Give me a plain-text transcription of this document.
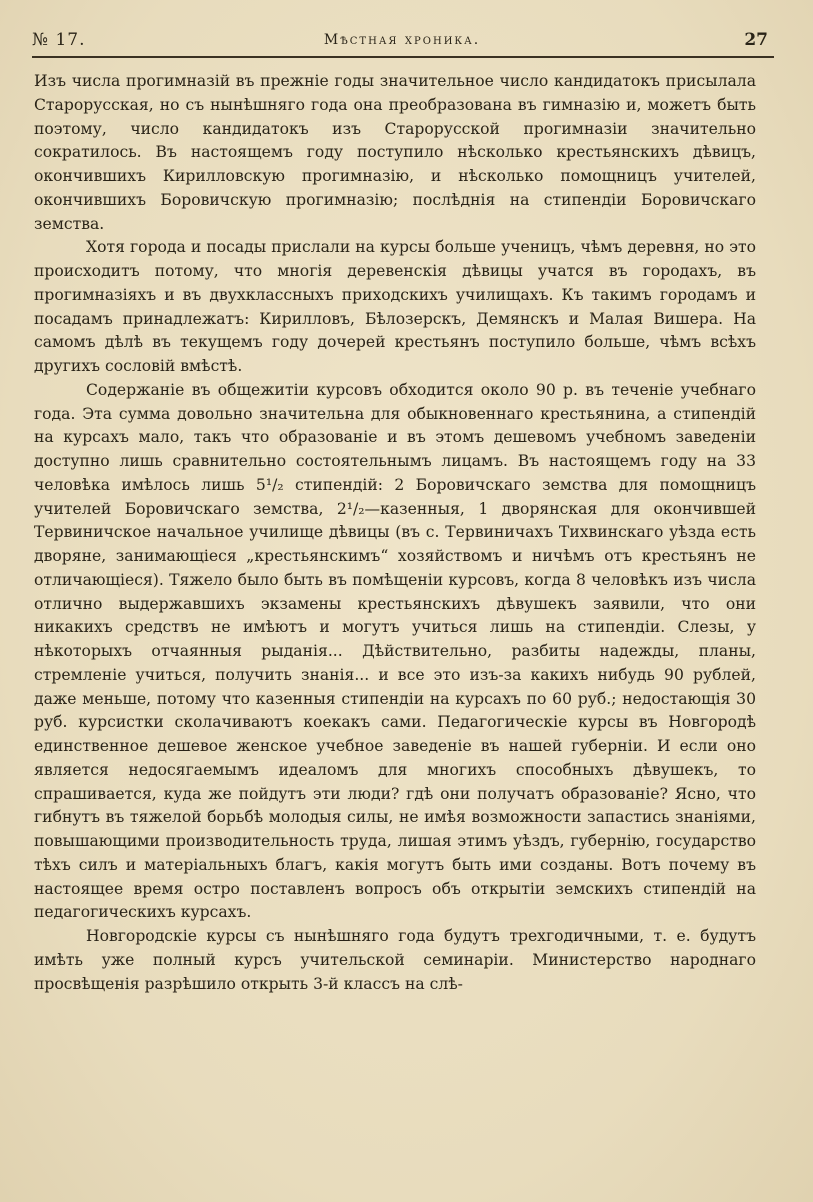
№ 17.	Мѣстная хроника.	27

Изъ числа прогимназій въ прежніе годы значительное число кандидатокъ присылала Старорусская, но съ нынѣшняго года она преобразована въ гимназію и, можетъ быть поэтому, число кандидатокъ изъ Старорусской прогимназіи значительно сократилось. Въ настоящемъ году поступило нѣсколько крестьянскихъ дѣвицъ, окончившихъ Кирилловскую прогимназію, и нѣсколько помощницъ учителей, окончившихъ Боровичскую прогимназію; послѣднія на стипендіи Боровичскаго земства.

Хотя города и посады прислали на курсы больше ученицъ, чѣмъ деревня, но это происходитъ потому, что многія деревенскія дѣвицы учатся въ городахъ, въ прогимназіяхъ и въ двухклассныхъ приходскихъ училищахъ. Къ такимъ городамъ и посадамъ принадлежатъ: Кирилловъ, Бѣлозерскъ, Демянскъ и Малая Вишера. На самомъ дѣлѣ въ текущемъ году дочерей крестьянъ поступило больше, чѣмъ всѣхъ другихъ сословій вмѣстѣ.

Содержаніе въ общежитіи курсовъ обходится около 90 р. въ теченіе учебнаго года. Эта сумма довольно значительна для обыкновеннаго крестьянина, а стипендій на курсахъ мало, такъ что образованіе и въ этомъ дешевомъ учебномъ заведеніи доступно лишь сравнительно состоятельнымъ лицамъ. Въ настоящемъ году на 33 человѣка имѣлось лишь 5¹/₂ стипендій: 2 Боровичскаго земства для помощницъ учителей Боровичскаго земства, 2¹/₂—казенныя, 1 дворянская для окончившей Тервиничское начальное училище дѣвицы (въ с. Тервиничахъ Тихвинскаго уѣзда есть дворяне, занимающіеся „крестьянскимъ“ хозяйствомъ и ничѣмъ отъ крестьянъ не отличающіеся). Тяжело было быть въ помѣщеніи курсовъ, когда 8 человѣкъ изъ числа отлично выдержавшихъ экзамены крестьянскихъ дѣвушекъ заявили, что они никакихъ средствъ не имѣютъ и могутъ учиться лишь на стипендіи. Слезы, у нѣкоторыхъ отчаянныя рыданія... Дѣйствительно, разбиты надежды, планы, стремленіе учиться, получить знанія... и все это изъ-за какихъ нибудь 90 рублей, даже меньше, потому что казенныя стипендіи на курсахъ по 60 руб.; недостающія 30 руб. курсистки сколачиваютъ коекакъ сами. Педагогическіе курсы въ Новгородѣ единственное дешевое женское учебное заведеніе въ нашей губерніи. И если оно является недосягаемымъ идеаломъ для многихъ способныхъ дѣвушекъ, то спрашивается, куда же пойдутъ эти люди? гдѣ они получатъ образованіе? Ясно, что гибнутъ въ тяжелой борьбѣ молодыя силы, не имѣя возможности запастись знаніями, повышающими производительность труда, лишая этимъ уѣздъ, губернію, государство тѣхъ силъ и матеріальныхъ благъ, какія могутъ быть ими созданы. Вотъ почему въ настоящее время остро поставленъ вопросъ объ открытіи земскихъ стипендій на педагогическихъ курсахъ.

Новгородскіе курсы съ нынѣшняго года будутъ трехгодичными, т. е. будутъ имѣть уже полный курсъ учительской семинаріи. Министерство народнаго просвѣщенія разрѣшило открыть 3-й классъ на слѣ-
